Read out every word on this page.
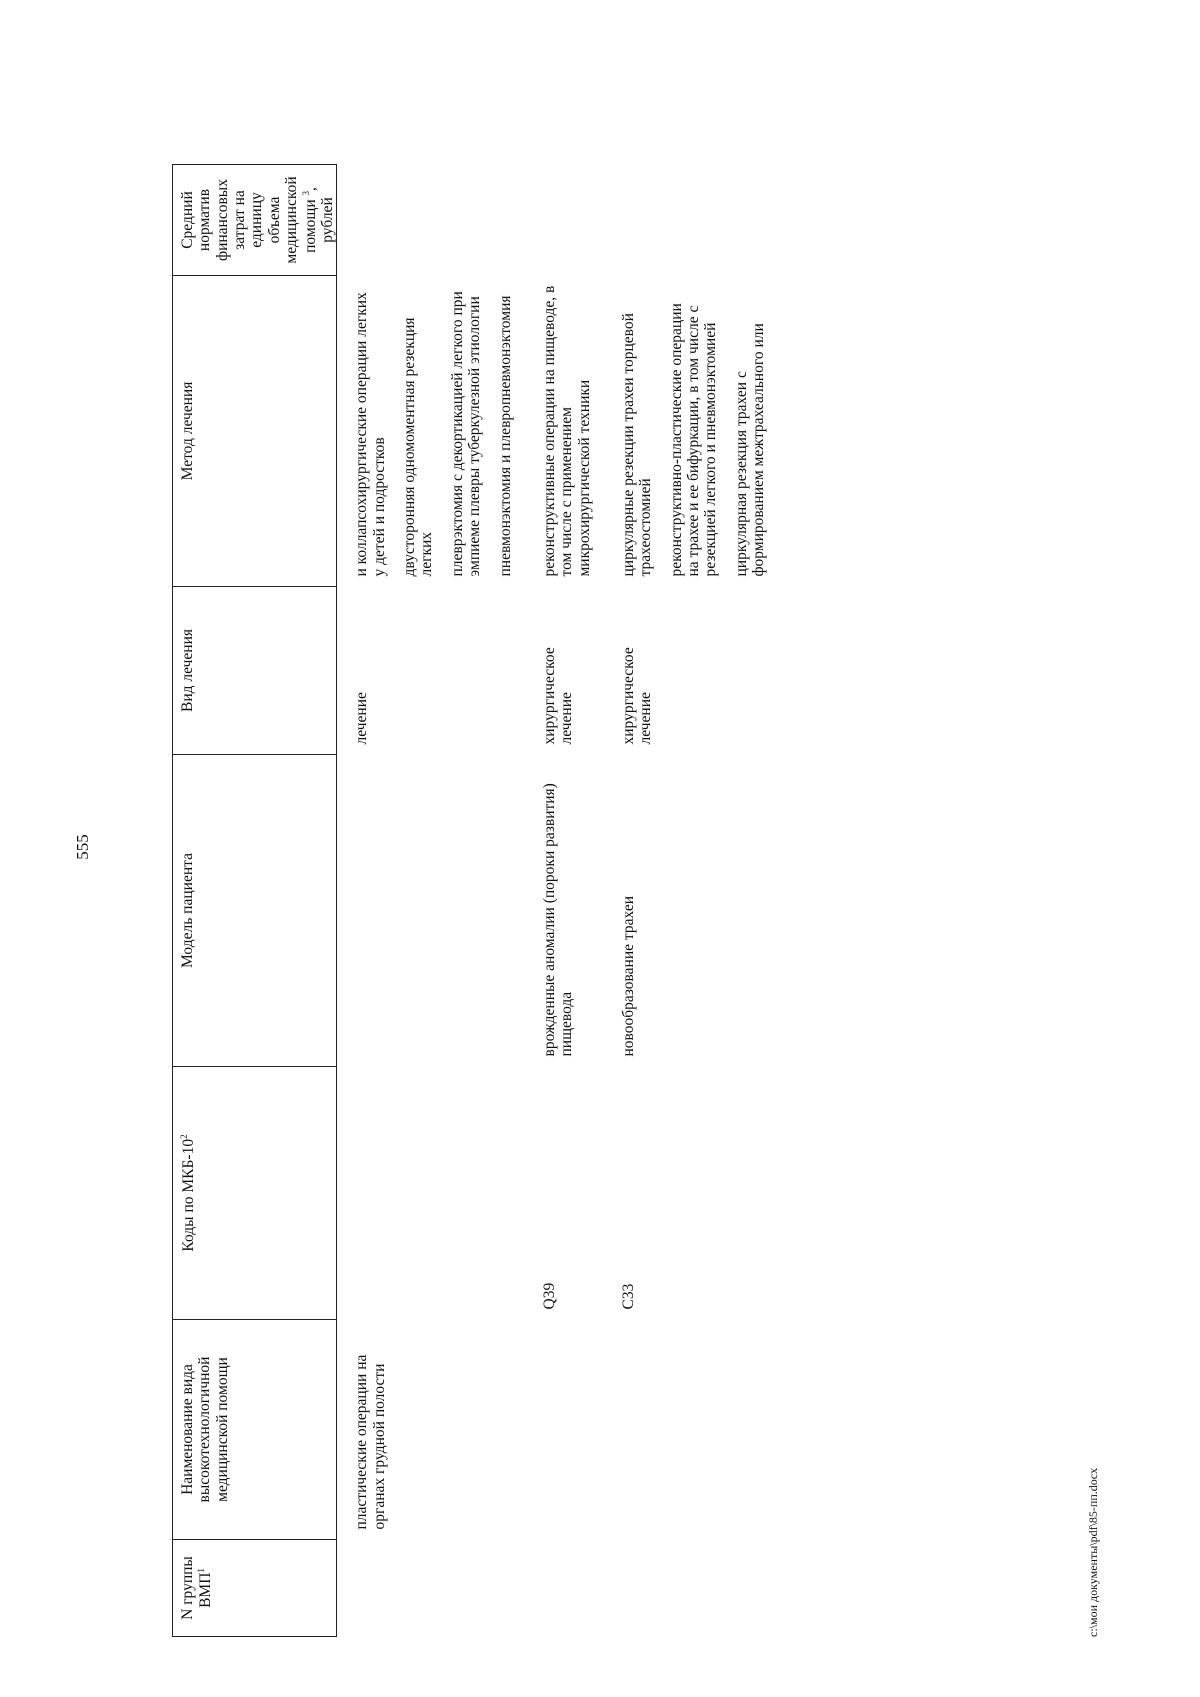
555
N группы ВМП$^1$	Наименование вида высокотехнологичной медицинской помощи	Коды по МКБ-$10^2$	Модель пациента	Вид лечения	Метод лечения	Средний норматив финансовых затрат на единицу объема медицинской помощи $^3$, рублей
	пластические операции на органах грудной полости			лечение	и коллапсохирургические операции легких у детей и подростков двусторонняя одномоментная резекция легких плеврэктомия с декортикацией легкого при эмпиеме плевры туберкулезной этиологии пневмонэктомия и плевропневмонэктомия	

		Q39	врожденные аномалии (пороки развития) пищевода	хирургическое лечение	реконструктивные операции на пищеводе, в том числе с применением микрохирургической техники	

		C33	новообразование трахеи	хирургическое лечение	циркулярные резекции трахеи торцевой трахеостомией реконструктивно-пластические операции на трахее и ее бифуркации, в том числе с резекцией легкого и пневмонэктомией циркулярная резекция трахеи с формированием межтрахеального или	

c:\мои документы\pdf\85-пп.docx
